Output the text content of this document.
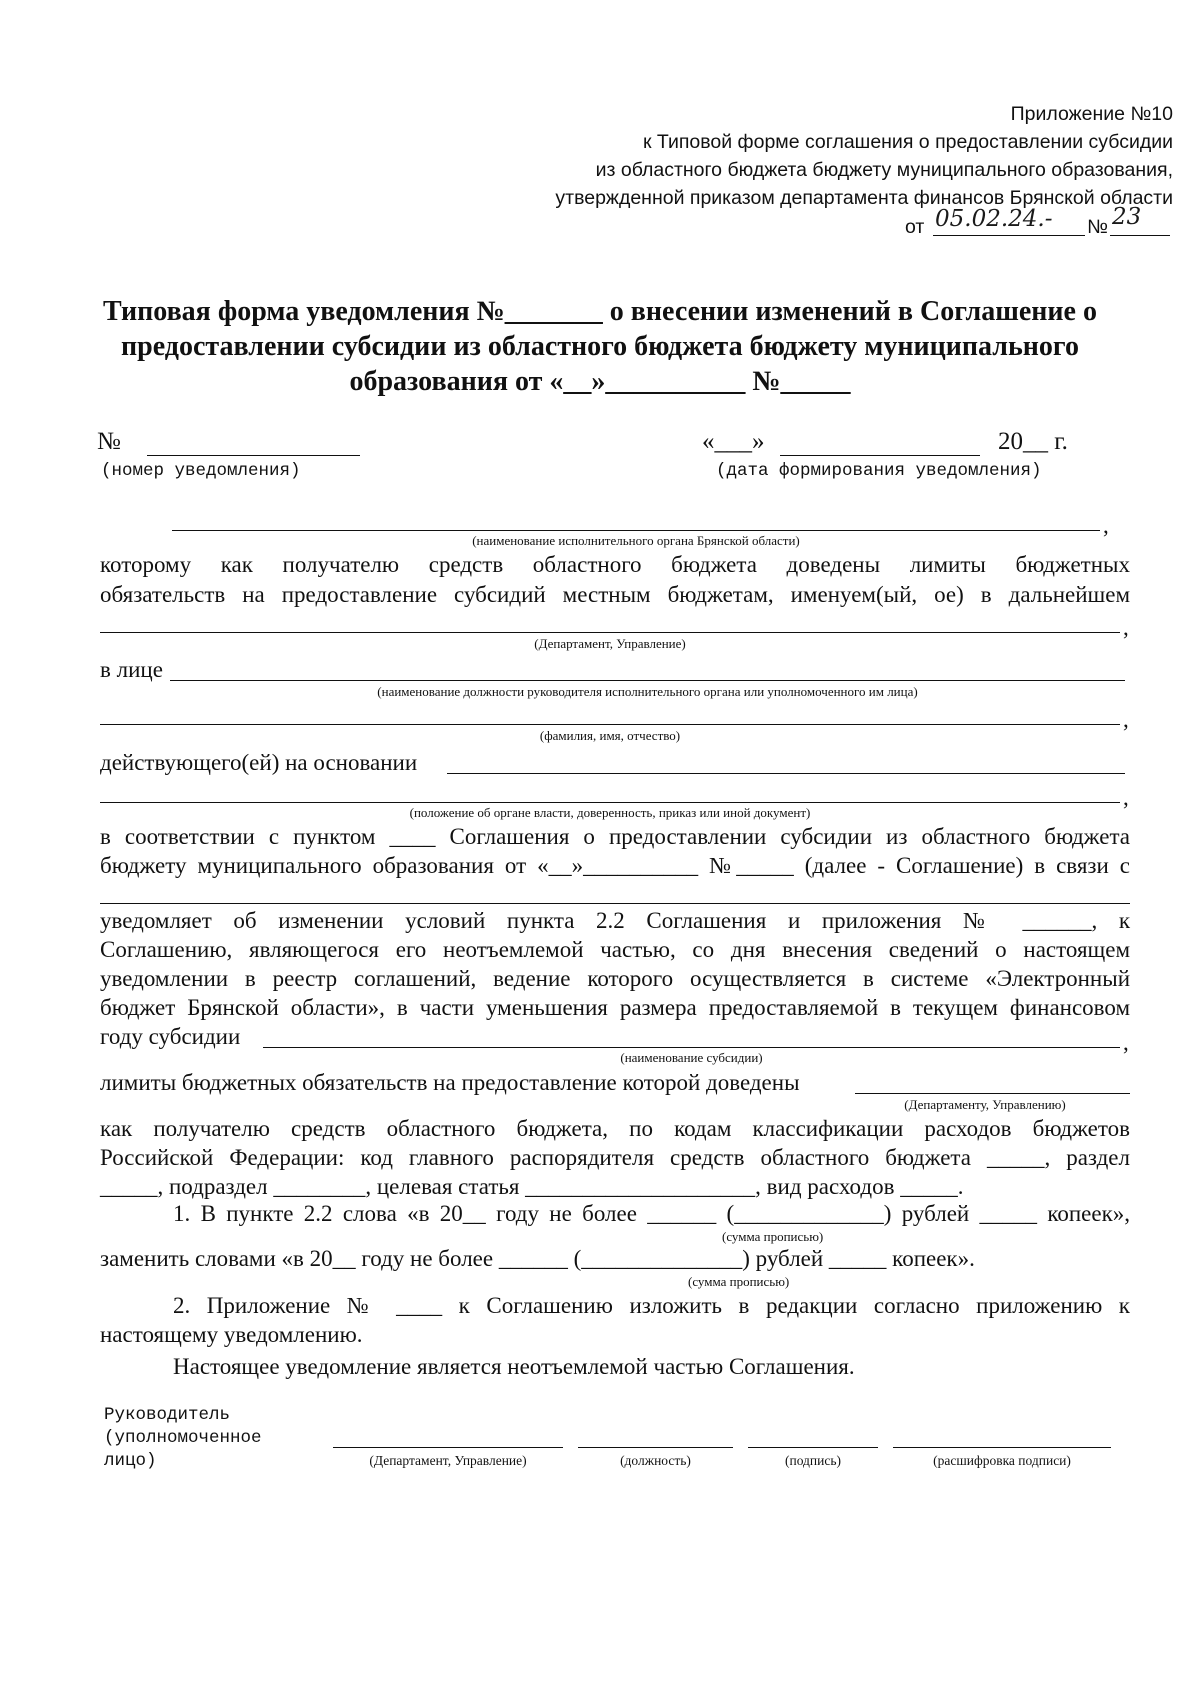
Приложение №10
к Типовой форме соглашения о предоставлении субсидии
из областного бюджета бюджету муниципального образования,
утвержденной приказом департамента финансов Брянской области
от 05.02.24.- № 23
Типовая форма уведомления №_______ о внесении изменений в Соглашение о
предоставлении субсидии из областного бюджета бюджету муниципального
образования от «__»__________ №_____
№
(номер уведомления)
«___»	20__ г.
(дата формирования уведомления)
,
(наименование исполнительного органа Брянской области)
которому как получателю средств областного бюджета доведены лимиты бюджетных
обязательств на предоставление субсидий местным бюджетам, именуем(ый, ое) в дальнейшем
,
(Департамент, Управление)
в лице
(наименование должности руководителя исполнительного органа или уполномоченного им лица)
,
(фамилия, имя, отчество)
действующего(ей) на основании
,
(положение об органе власти, доверенность, приказ или иной документ)
в соответствии с пунктом ____ Соглашения о предоставлении субсидии из областного бюджета
бюджету муниципального образования от «__»__________ №_____ (далее - Соглашение) в связи с
уведомляет об изменении условий пункта 2.2 Соглашения и приложения № ______, к
Соглашению, являющегося его неотъемлемой частью, со дня внесения сведений о настоящем
уведомлении в реестр соглашений, ведение которого осуществляется в системе «Электронный
бюджет Брянской области», в части уменьшения размера предоставляемой в текущем финансовом
году субсидии	,
(наименование субсидии)
лимиты бюджетных обязательств на предоставление которой доведены
(Департаменту, Управлению)
как получателю средств областного бюджета, по кодам классификации расходов бюджетов
Российской Федерации: код главного распорядителя средств областного бюджета _____, раздел
_____, подраздел ________, целевая статья ____________________, вид расходов _____.
1. В пункте 2.2 слова «в 20__ году не более ______ (_____________) рублей _____ копеек»,
(сумма прописью)
заменить словами «в 20__ году не более ______ (______________) рублей _____ копеек».
(сумма прописью)
2. Приложение № ____ к Соглашению изложить в редакции согласно приложению к
настоящему уведомлению.
Настоящее уведомление является неотъемлемой частью Соглашения.
Руководитель
(уполномоченное
лицо)	(Департамент, Управление)	(должность)	(подпись)	(расшифровка подписи)
